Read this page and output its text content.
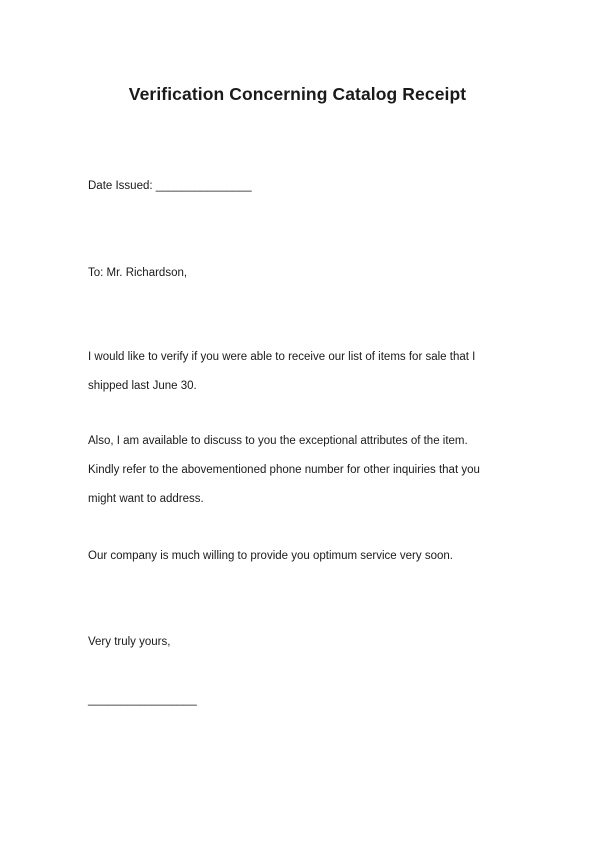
Verification Concerning Catalog Receipt

Date Issued: _______________

To: Mr. Richardson,

I would like to verify if you were able to receive our list of items for sale that I

shipped last June 30.

Also, I am available to discuss to you the exceptional attributes of the item.

Kindly refer to the abovementioned phone number for other inquiries that you

might want to address.

Our company is much willing to provide you optimum service very soon.

Very truly yours,

_________________
